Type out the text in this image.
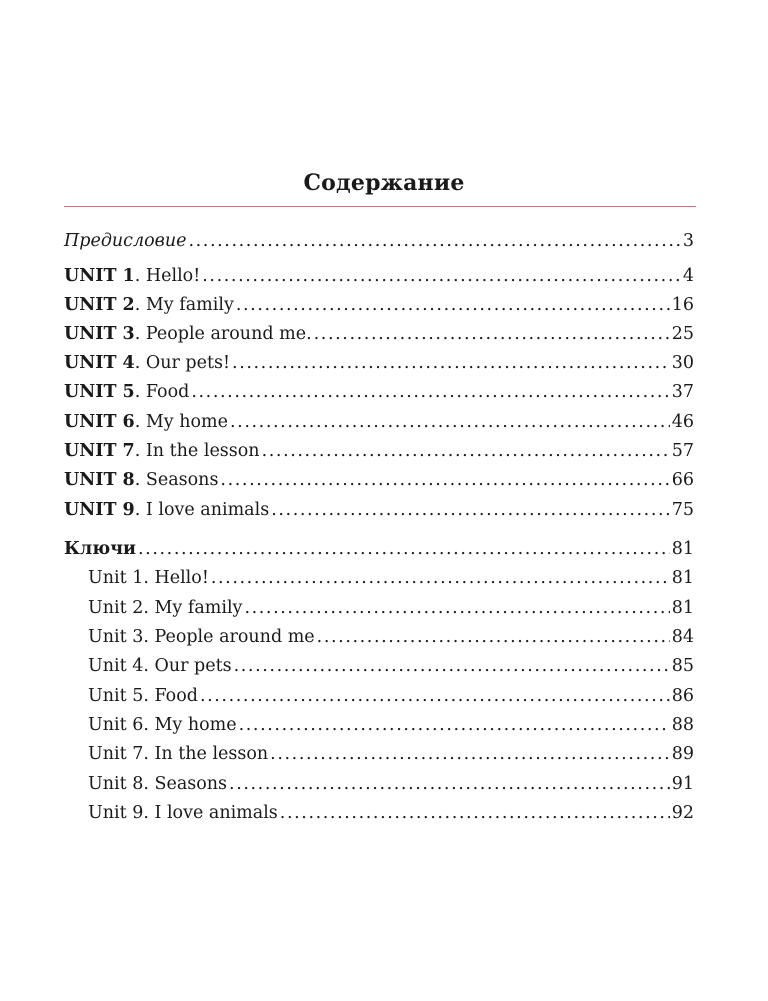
Содержание
Предисловие .....	3
UNIT 1 . Hello! .....	4
UNIT 2 . My family .....	16
UNIT 3 . People around me. .....	25
UNIT 4 . Our pets! .....	30
UNIT 5 . Food .....	37
UNIT 6 . My home .....	46
UNIT 7 . In the lesson .....	57
UNIT 8 . Seasons .....	66
UNIT 9 . I love animals .....	75
Ключи .....	81
Unit 1. Hello! .....	81
Unit 2. My family .....	81
Unit 3. People around me .....	84
Unit 4. Our pets .....	85
Unit 5. Food .....	86
Unit 6. My home .....	88
Unit 7. In the lesson .....	89
Unit 8. Seasons .....	91
Unit 9. I love animals .....	92
